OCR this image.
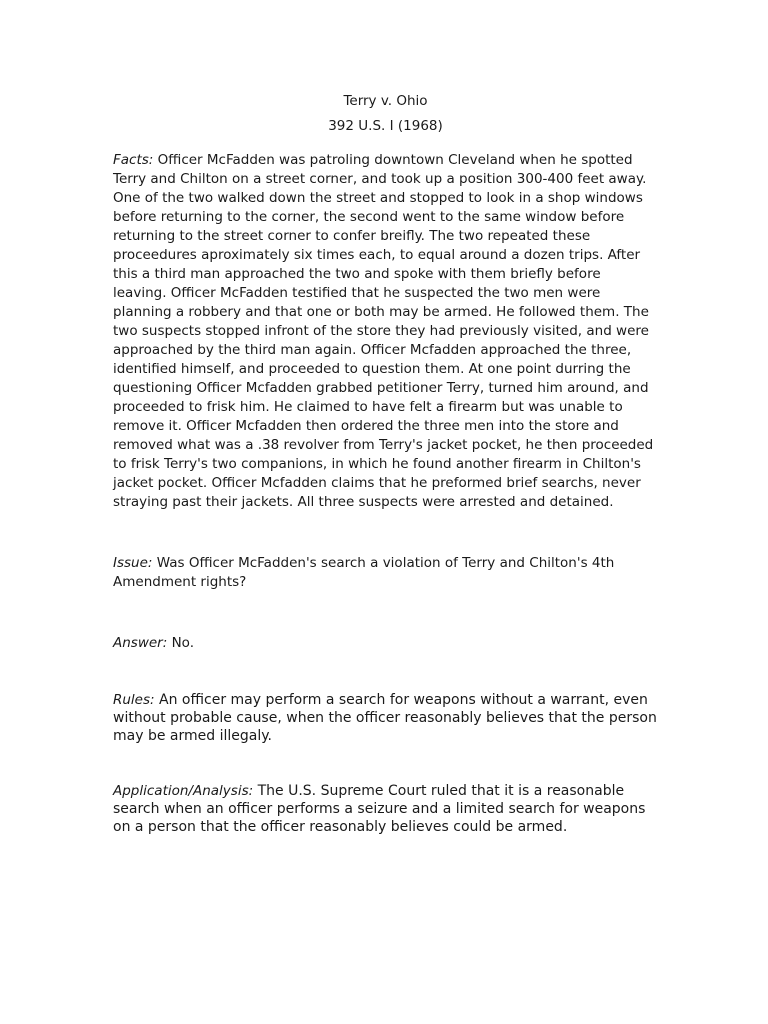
Terry v. Ohio

392 U.S. I (1968)

Facts: Officer McFadden was patroling downtown Cleveland when he spotted Terry and Chilton on a street corner, and took up a position 300-400 feet away. One of the two walked down the street and stopped to look in a shop windows before returning to the corner, the second went to the same window before returning to the street corner to confer breifly. The two repeated these proceedures aproximately six times each, to equal around a dozen trips. After this a third man approached the two and spoke with them briefly before leaving. Officer McFadden testified that he suspected the two men were planning a robbery and that one or both may be armed. He followed them. The two suspects stopped infront of the store they had previously visited, and were approached by the third man again. Officer Mcfadden approached the three, identified himself, and proceeded to question them. At one point durring the questioning Officer Mcfadden grabbed petitioner Terry, turned him around, and proceeded to frisk him. He claimed to have felt a firearm but was unable to remove it. Officer Mcfadden then ordered the three men into the store and removed what was a .38 revolver from Terry's jacket pocket, he then proceeded to frisk Terry's two companions, in which he found another firearm in Chilton's jacket pocket. Officer Mcfadden claims that he preformed brief searchs, never straying past their jackets. All three suspects were arrested and detained.

Issue: Was Officer McFadden's search a violation of Terry and Chilton's 4th Amendment rights?

Answer: No.

Rules: An officer may perform a search for weapons without a warrant, even without probable cause, when the officer reasonably believes that the person may be armed illegaly.

Application/Analysis: The U.S. Supreme Court ruled that it is a reasonable search when an officer performs a seizure and a limited search for weapons on a person that the officer reasonably believes could be armed.
